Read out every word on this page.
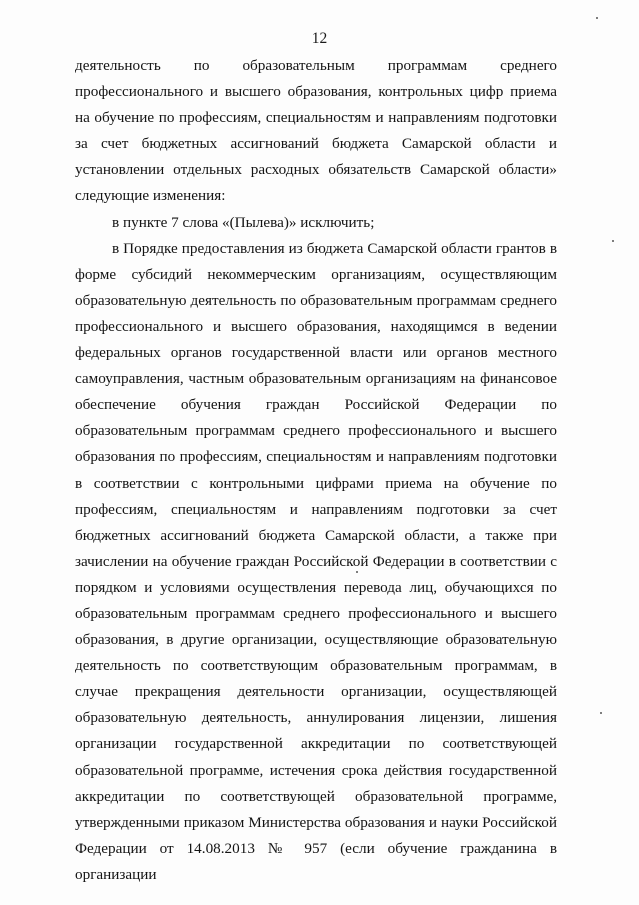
12

деятельность по образовательным программам среднего профессионального и высшего образования, контрольных цифр приема на обучение по профессиям, специальностям и направлениям подготовки за счет бюджетных ассигнований бюджета Самарской области и установлении отдельных расходных обязательств Самарской области» следующие изменения:

в пункте 7 слова «(Пылева)» исключить;

в Порядке предоставления из бюджета Самарской области грантов в форме субсидий некоммерческим организациям, осуществляющим образовательную деятельность по образовательным программам среднего профессионального и высшего образования, находящимся в ведении федеральных органов государственной власти или органов местного самоуправления, частным образовательным организациям на финансовое обеспечение обучения граждан Российской Федерации по образовательным программам среднего профессионального и высшего образования по профессиям, специальностям и направлениям подготовки в соответствии с контрольными цифрами приема на обучение по профессиям, специальностям и направлениям подготовки за счет бюджетных ассигнований бюджета Самарской области, а также при зачислении на обучение граждан Российской Федерации в соответствии с порядком и условиями осуществления перевода лиц, обучающихся по образовательным программам среднего профессионального и высшего образования, в другие организации, осуществляющие образовательную деятельность по соответствующим образовательным программам, в случае прекращения деятельности организации, осуществляющей образовательную деятельность, аннулирования лицензии, лишения организации государственной аккредитации по соответствующей образовательной программе, истечения срока действия государственной аккредитации по соответствующей образовательной программе, утвержденными приказом Министерства образования и науки Российской Федерации от 14.08.2013 № 957 (если обучение гражданина в организации
